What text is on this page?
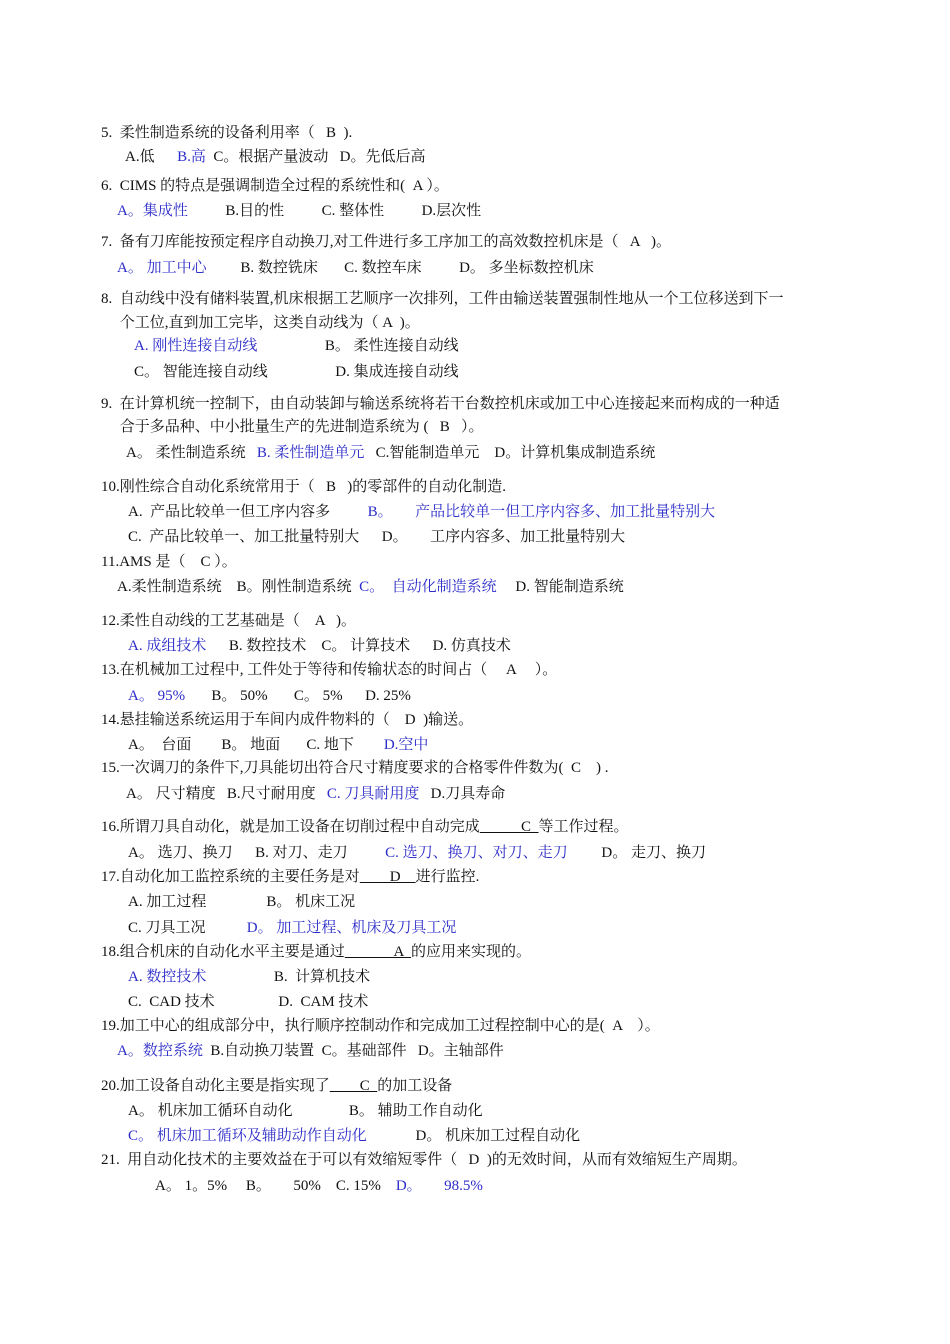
5.  柔性制造系统的设备利用率（   B  ).
A.低      B.高  C。根据产量波动   D。先低后高
6.  CIMS 的特点是强调制造全过程的系统性和(  A ）。
A。集成性          B.目的性          C. 整体性          D.层次性
7.  备有刀库能按预定程序自动换刀,对工件进行多工序加工的高效数控机床是（   A   )。
A。 加工中心         B. 数控铣床       C. 数控车床          D。 多坐标数控机床
8.  自动线中没有储料装置,机床根据工艺顺序一次排列，工件由输送装置强制性地从一个工位移送到下一
个工位,直到加工完毕，这类自动线为（ A  )。
A. 刚性连接自动线                  B。 柔性连接自动线
C。 智能连接自动线                  D. 集成连接自动线
9.  在计算机统一控制下，由自动装卸与输送系统将若干台数控机床或加工中心连接起来而构成的一种适
合于多品种、中小批量生产的先进制造系统为 (   B   ）。
A。 柔性制造系统   B. 柔性制造单元   C.智能制造单元    D。计算机集成制造系统
10.刚性综合自动化系统常用于（   B   )的零部件的自动化制造.
A.  产品比较单一但工序内容多          B。      产品比较单一但工序内容多、加工批量特别大
C.  产品比较单一、加工批量特别大      D。      工序内容多、加工批量特别大
11.AMS 是（    C ）。
A.柔性制造系统    B。刚性制造系统  C。  自动化制造系统     D. 智能制造系统
12.柔性自动线的工艺基础是（    A   )。
A. 成组技术      B. 数控技术    C。 计算技术      D. 仿真技术
13.在机械加工过程中, 工件处于等待和传输状态的时间占（     A     ）。
A。 95%       B。 50%       C。 5%      D. 25%
14.悬挂输送系统运用于车间内成件物料的（    D  )输送。
A。  台面        B。 地面       C. 地下        D.空中
15.一次调刀的条件下,刀具能切出符合尺寸精度要求的合格零件件数为(  C    ) .
A。 尺寸精度   B.尺寸耐用度   C. 刀具耐用度   D.刀具寿命
16.所谓刀具自动化，就是加工设备在切削过程中自动完成           C  等工作过程。
A。 选刀、换刀      B. 对刀、走刀          C. 选刀、换刀、对刀、走刀         D。 走刀、换刀
17.自动化加工监控系统的主要任务是对        D    进行监控.
A. 加工过程                B。 机床工况
C. 刀具工况           D。 加工过程、机床及刀具工况
18.组合机床的自动化水平主要是通过             A  的应用来实现的。
A. 数控技术                  B.  计算机技术
C.  CAD 技术                 D.  CAM 技术
19.加工中心的组成部分中，执行顺序控制动作和完成加工过程控制中心的是(  A    ）。
A。数控系统  B.自动换刀装置  C。基础部件   D。主轴部件
20.加工设备自动化主要是指实现了        C  的加工设备
A。 机床加工循环自动化               B。 辅助工作自动化
C。 机床加工循环及辅助动作自动化             D。 机床加工过程自动化
21.  用自动化技术的主要效益在于可以有效缩短零件（   D  )的无效时间，从而有效缩短生产周期。
A。 1。5%     B。      50%    C. 15%    D。      98.5%
